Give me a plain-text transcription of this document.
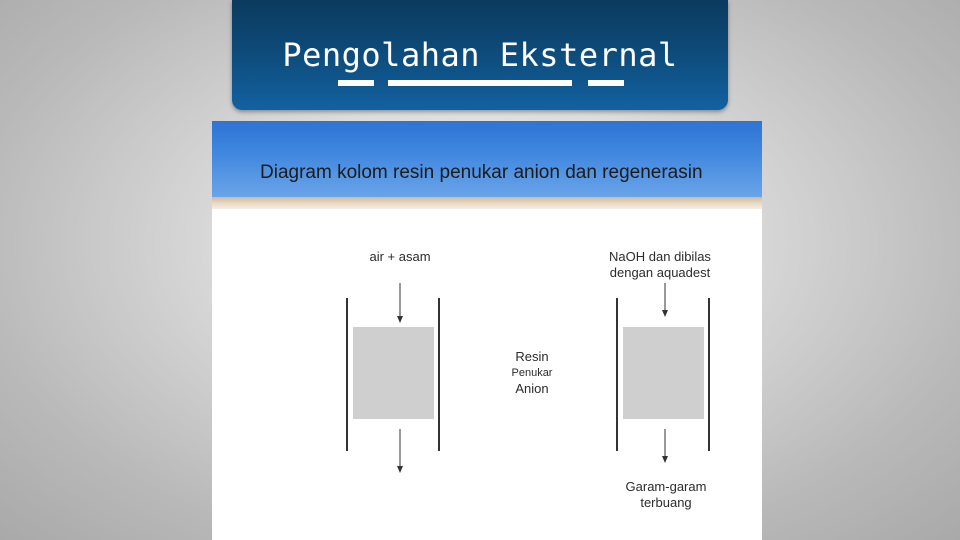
Pengolahan Eksternal
Diagram kolom resin penukar anion dan regenerasin
air + asam	NaOH dan dibilas
dengan aquadest
Resin
Penukar
Anion
Garam-garam
terbuang
